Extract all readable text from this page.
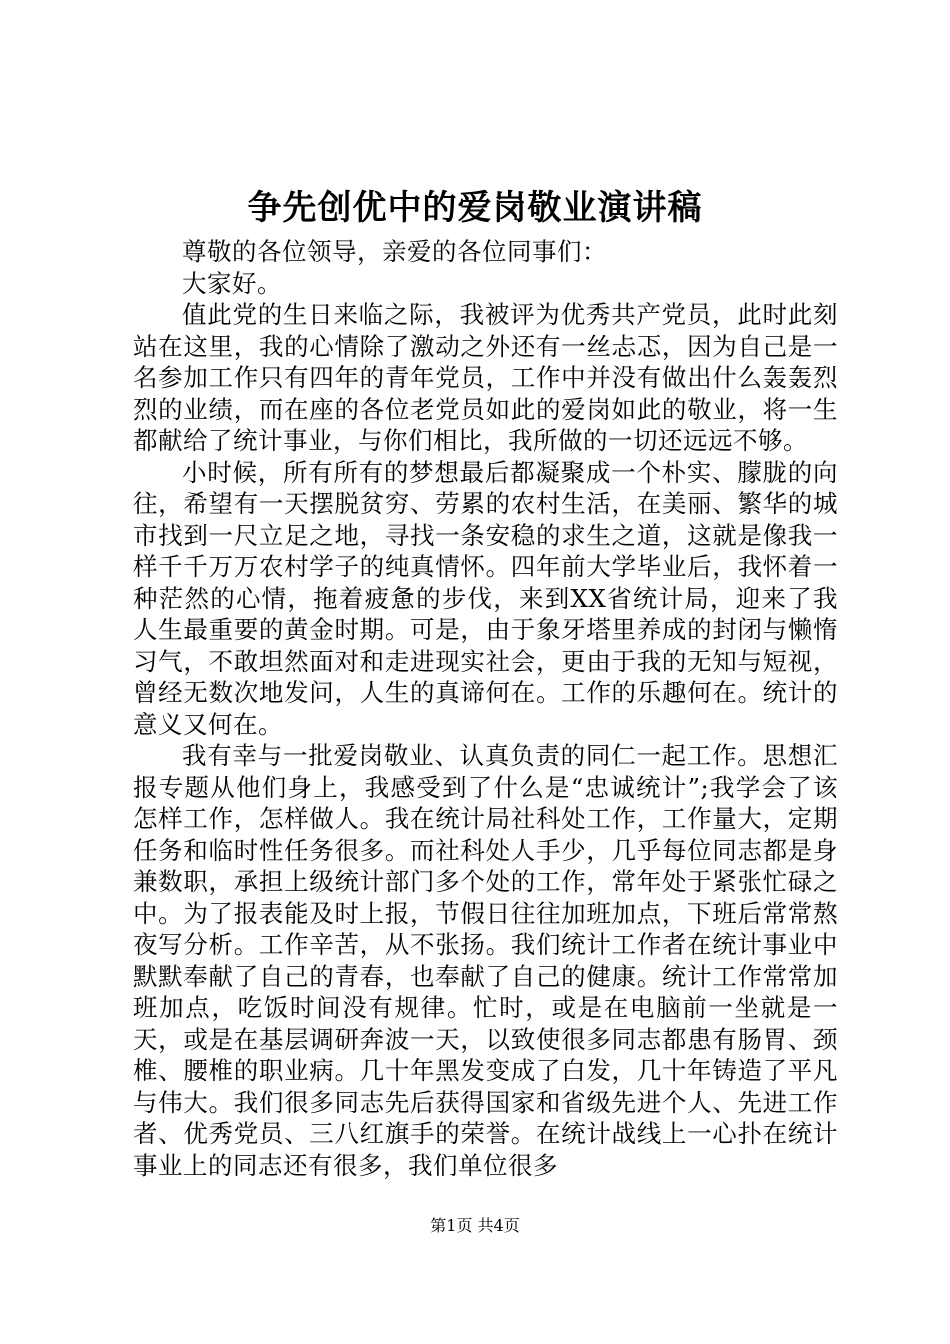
争先创优中的爱岗敬业演讲稿

尊敬的各位领导，亲爱的各位同事们：

大家好。

值此党的生日来临之际，我被评为优秀共产党员，此时此刻站在这里，我的心情除了激动之外还有一丝忐忑，因为自己是一名参加工作只有四年的青年党员，工作中并没有做出什么轰轰烈烈的业绩，而在座的各位老党员如此的爱岗如此的敬业，将一生都献给了统计事业，与你们相比，我所做的一切还远远不够。

小时候，所有所有的梦想最后都凝聚成一个朴实、朦胧的向往，希望有一天摆脱贫穷、劳累的农村生活，在美丽、繁华的城市找到一尺立足之地，寻找一条安稳的求生之道，这就是像我一样千千万万农村学子的纯真情怀。四年前大学毕业后，我怀着一种茫然的心情，拖着疲惫的步伐，来到XX省统计局，迎来了我人生最重要的黄金时期。可是，由于象牙塔里养成的封闭与懒惰习气，不敢坦然面对和走进现实社会，更由于我的无知与短视，曾经无数次地发问，人生的真谛何在。工作的乐趣何在。统计的意义又何在。

我有幸与一批爱岗敬业、认真负责的同仁一起工作。思想汇报专题从他们身上，我感受到了什么是“忠诚统计”;我学会了该怎样工作，怎样做人。我在统计局社科处工作，工作量大，定期任务和临时性任务很多。而社科处人手少，几乎每位同志都是身兼数职，承担上级统计部门多个处的工作，常年处于紧张忙碌之中。为了报表能及时上报，节假日往往加班加点，下班后常常熬夜写分析。工作辛苦，从不张扬。我们统计工作者在统计事业中默默奉献了自己的青春，也奉献了自己的健康。统计工作常常加班加点，吃饭时间没有规律。忙时，或是在电脑前一坐就是一天，或是在基层调研奔波一天，以致使很多同志都患有肠胃、颈椎、腰椎的职业病。几十年黑发变成了白发，几十年铸造了平凡与伟大。我们很多同志先后获得国家和省级先进个人、先进工作者、优秀党员、三八红旗手的荣誉。在统计战线上一心扑在统计事业上的同志还有很多，我们单位很多

第1页 共4页
